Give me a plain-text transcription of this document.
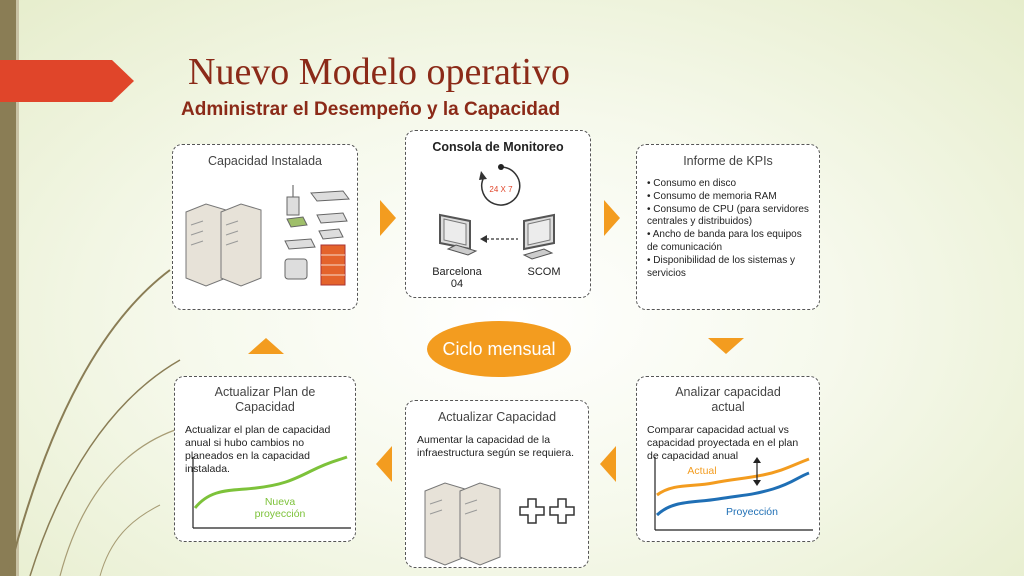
Nuevo Modelo operativo
Administrar el Desempeño y la Capacidad
Capacidad Instalada
Consola de Monitoreo
24 X 7
Barcelona 04
SCOM
Informe de KPIs
• Consumo en disco
• Consumo de memoria RAM
• Consumo de CPU (para servidores centrales y distribuidos)
• Ancho de banda para los equipos de comunicación
• Disponibilidad de los sistemas y servicios
Actualizar Plan de Capacidad
Actualizar el plan de capacidad anual si hubo cambios no planeados en la capacidad instalada.
Nueva proyección
Actualizar Capacidad
Aumentar la capacidad de la infraestructura según se requiera.
Analizar capacidad actual
Comparar capacidad actual vs capacidad proyectada en el plan de capacidad anual
Actual
Proyección
Ciclo mensual
